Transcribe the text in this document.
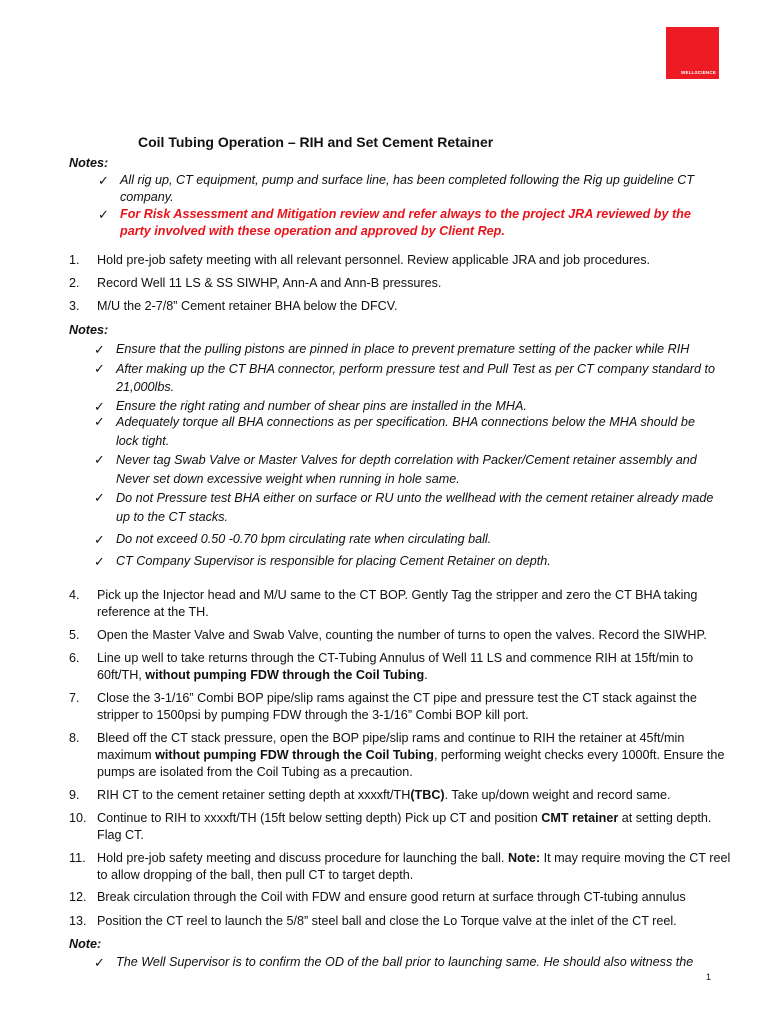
WELLSCIENCE
Coil Tubing Operation – RIH and Set Cement Retainer
Notes:
✓ All rig up, CT equipment, pump and surface line, has been completed following the Rig up guideline CT company.
✓ For Risk Assessment and Mitigation review and refer always to the project JRA reviewed by the party involved with these operation and approved by Client Rep.
1. Hold pre-job safety meeting with all relevant personnel. Review applicable JRA and job procedures.
2. Record Well 11 LS & SS SIWHP, Ann-A and Ann-B pressures.
3. M/U the 2-7/8” Cement retainer BHA below the DFCV.
Notes:
✓ Ensure that the pulling pistons are pinned in place to prevent premature setting of the packer while RIH
✓ After making up the CT BHA connector, perform pressure test and Pull Test as per CT company standard to 21,000lbs.
✓ Ensure the right rating and number of shear pins are installed in the MHA.
✓ Adequately torque all BHA connections as per specification. BHA connections below the MHA should be lock tight.
✓ Never tag Swab Valve or Master Valves for depth correlation with Packer/Cement retainer assembly and Never set down excessive weight when running in hole same.
✓ Do not Pressure test BHA either on surface or RU unto the wellhead with the cement retainer already made up to the CT stacks.
✓ Do not exceed 0.50 -0.70 bpm circulating rate when circulating ball.
✓ CT Company Supervisor is responsible for placing Cement Retainer on depth.
4. Pick up the Injector head and M/U same to the CT BOP. Gently Tag the stripper and zero the CT BHA taking reference at the TH.
5. Open the Master Valve and Swab Valve, counting the number of turns to open the valves. Record the SIWHP.
6. Line up well to take returns through the CT-Tubing Annulus of Well 11 LS and commence RIH at 15ft/min to 60ft/TH, without pumping FDW through the Coil Tubing.
7. Close the 3-1/16” Combi BOP pipe/slip rams against the CT pipe and pressure test the CT stack against the stripper to 1500psi by pumping FDW through the 3-1/16” Combi BOP kill port.
8. Bleed off the CT stack pressure, open the BOP pipe/slip rams and continue to RIH the retainer at 45ft/min maximum without pumping FDW through the Coil Tubing, performing weight checks every 1000ft. Ensure the pumps are isolated from the Coil Tubing as a precaution.
9. RIH CT to the cement retainer setting depth at xxxxft/TH(TBC). Take up/down weight and record same.
10. Continue to RIH to xxxxft/TH (15ft below setting depth) Pick up CT and position CMT retainer at setting depth. Flag CT.
11. Hold pre-job safety meeting and discuss procedure for launching the ball. Note: It may require moving the CT reel to allow dropping of the ball, then pull CT to target depth.
12. Break circulation through the Coil with FDW and ensure good return at surface through CT-tubing annulus
13. Position the CT reel to launch the 5/8” steel ball and close the Lo Torque valve at the inlet of the CT reel.
Note:
✓ The Well Supervisor is to confirm the OD of the ball prior to launching same. He should also witness the
1
